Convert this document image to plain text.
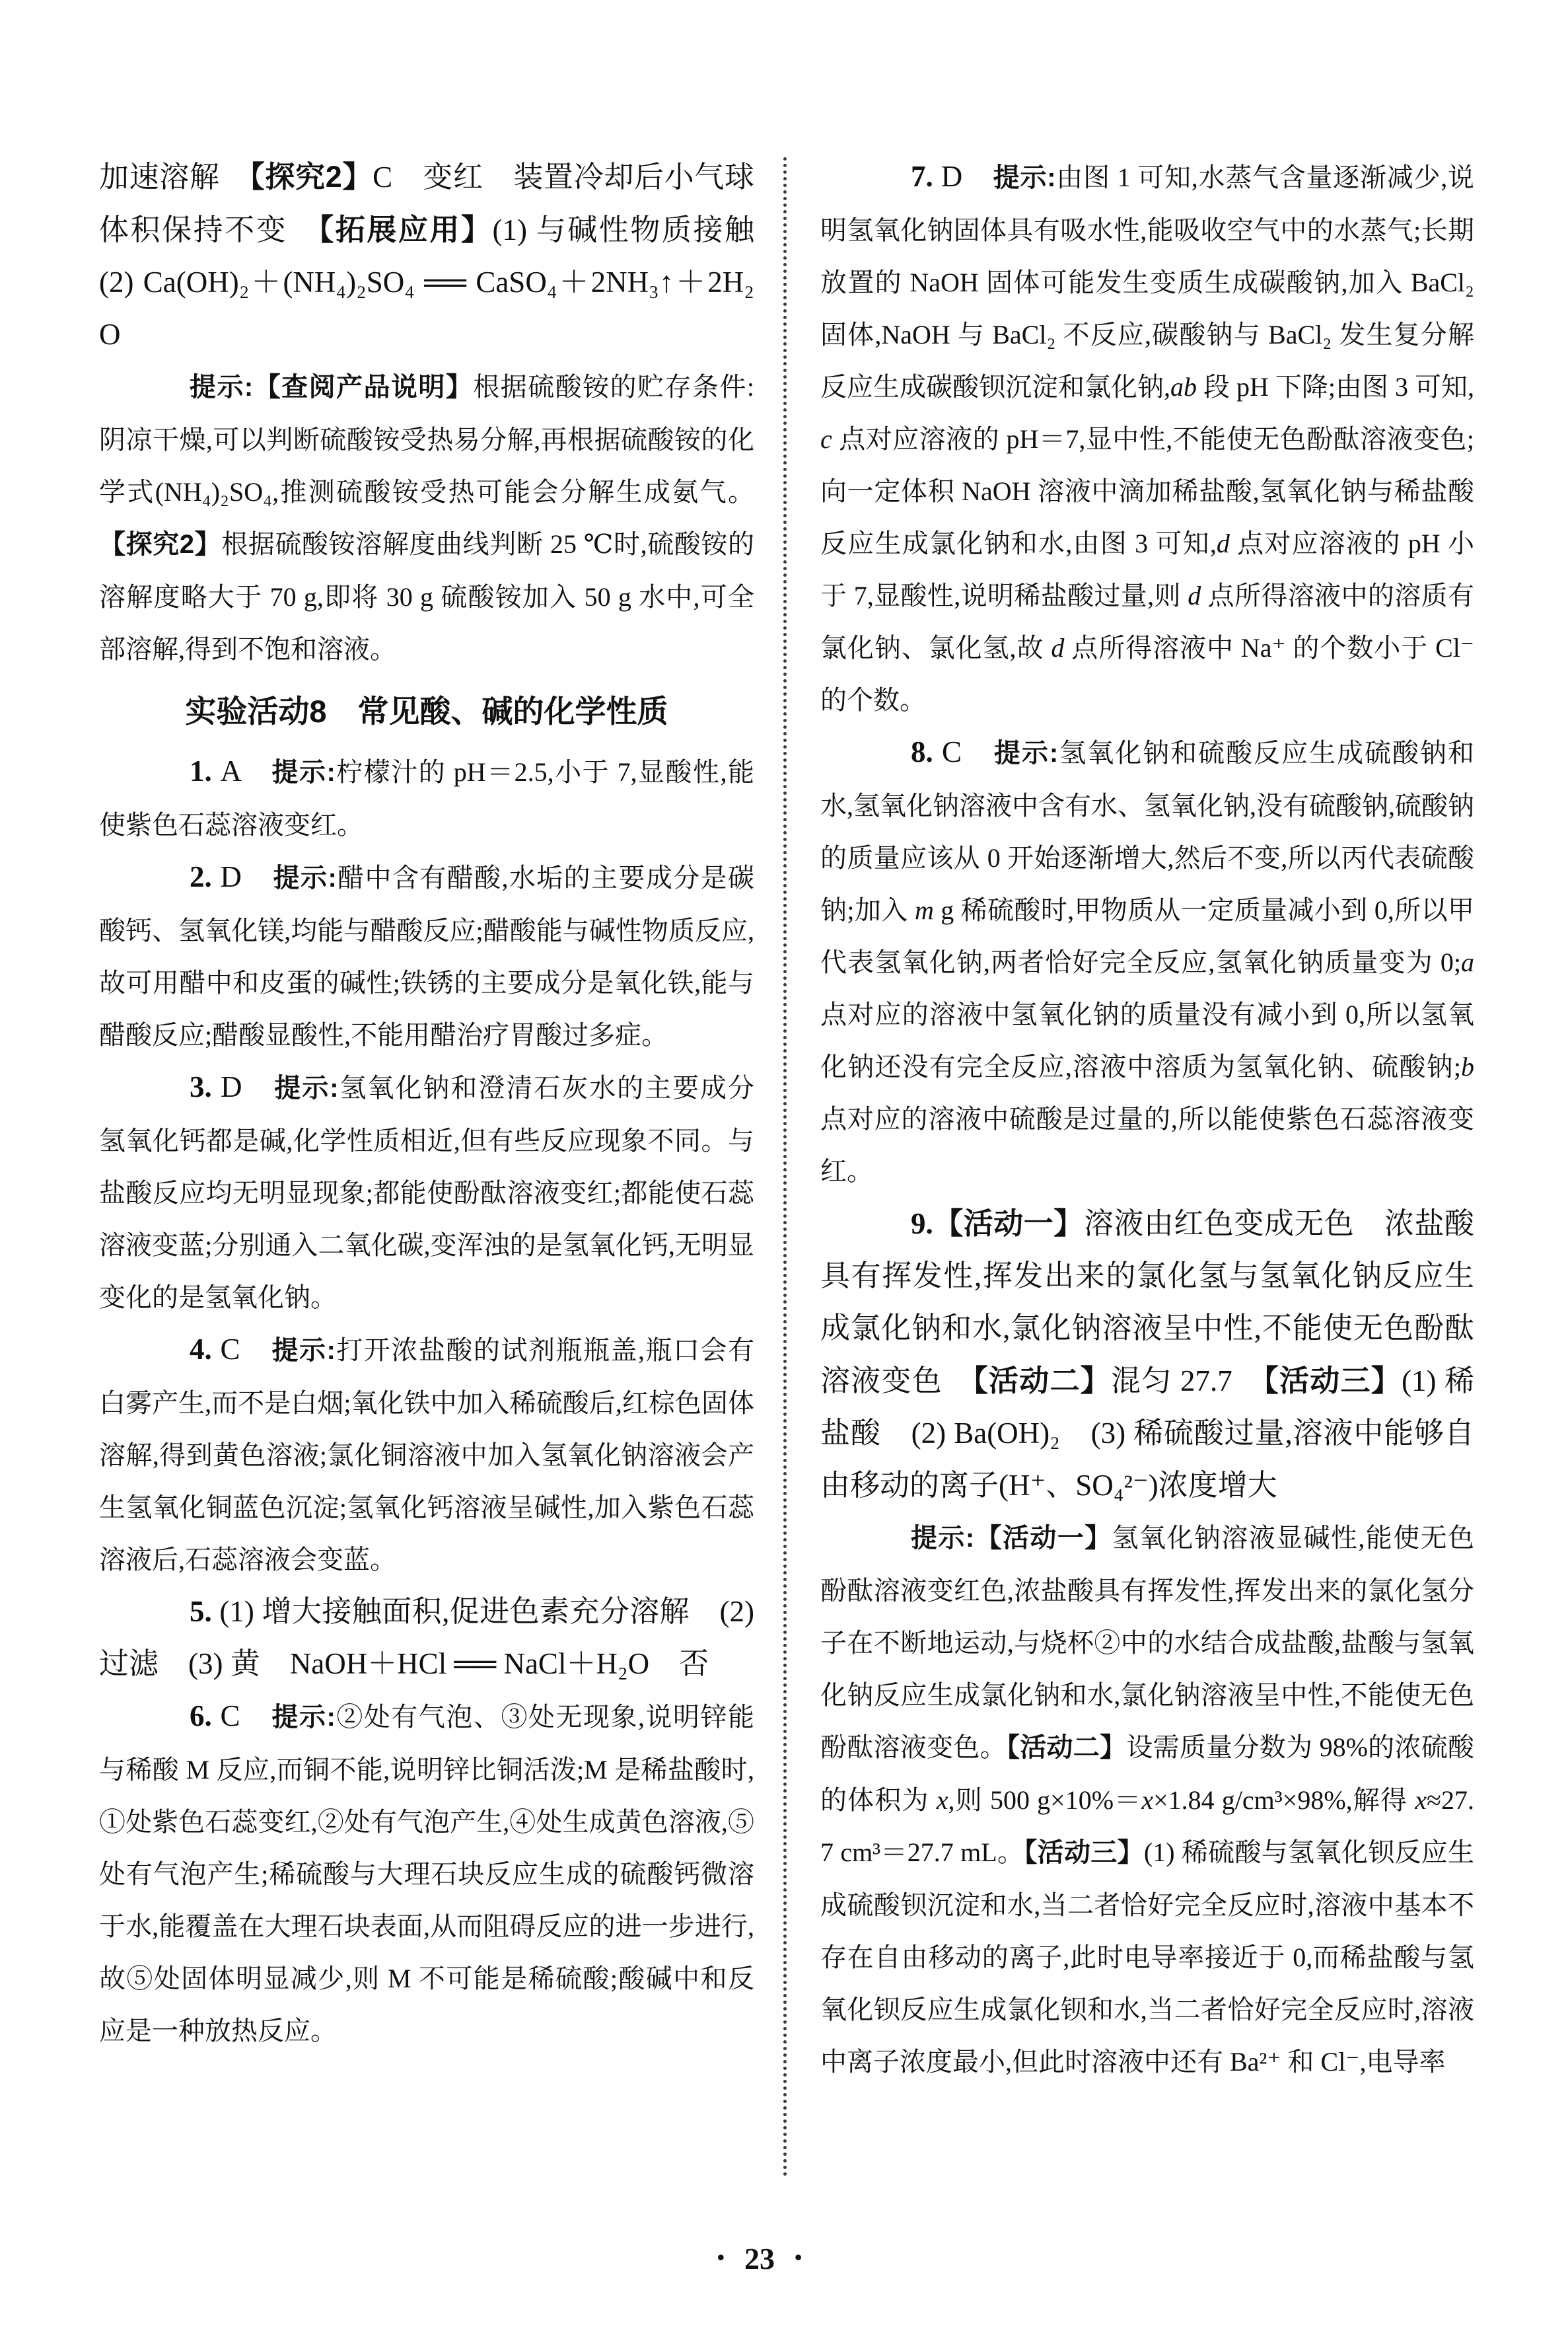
加速溶解　【探究2】C　变红　装置冷却后小气球体积保持不变　【拓展应用】(1) 与碱性物质接触　(2) Ca(OH)₂＋(NH₄)₂SO₄ ══ CaSO₄＋2NH₃↑＋2H₂O

提示:【查阅产品说明】根据硫酸铵的贮存条件:阴凉干燥,可以判断硫酸铵受热易分解,再根据硫酸铵的化学式(NH₄)₂SO₄,推测硫酸铵受热可能会分解生成氨气。【探究2】根据硫酸铵溶解度曲线判断 25 ℃时,硫酸铵的溶解度略大于 70 g,即将 30 g 硫酸铵加入 50 g 水中,可全部溶解,得到不饱和溶液。

实验活动8　常见酸、碱的化学性质

1. A　提示:柠檬汁的 pH＝2.5,小于 7,显酸性,能使紫色石蕊溶液变红。

2. D　提示:醋中含有醋酸,水垢的主要成分是碳酸钙、氢氧化镁,均能与醋酸反应;醋酸能与碱性物质反应,故可用醋中和皮蛋的碱性;铁锈的主要成分是氧化铁,能与醋酸反应;醋酸显酸性,不能用醋治疗胃酸过多症。

3. D　提示:氢氧化钠和澄清石灰水的主要成分氢氧化钙都是碱,化学性质相近,但有些反应现象不同。与盐酸反应均无明显现象;都能使酚酞溶液变红;都能使石蕊溶液变蓝;分别通入二氧化碳,变浑浊的是氢氧化钙,无明显变化的是氢氧化钠。

4. C　提示:打开浓盐酸的试剂瓶瓶盖,瓶口会有白雾产生,而不是白烟;氧化铁中加入稀硫酸后,红棕色固体溶解,得到黄色溶液;氯化铜溶液中加入氢氧化钠溶液会产生氢氧化铜蓝色沉淀;氢氧化钙溶液呈碱性,加入紫色石蕊溶液后,石蕊溶液会变蓝。

5. (1) 增大接触面积,促进色素充分溶解　(2) 过滤　(3) 黄　NaOH＋HCl ══ NaCl＋H₂O　否

6. C　提示:②处有气泡、③处无现象,说明锌能与稀酸 M 反应,而铜不能,说明锌比铜活泼;M 是稀盐酸时,①处紫色石蕊变红,②处有气泡产生,④处生成黄色溶液,⑤处有气泡产生;稀硫酸与大理石块反应生成的硫酸钙微溶于水,能覆盖在大理石块表面,从而阻碍反应的进一步进行,故⑤处固体明显减少,则 M 不可能是稀硫酸;酸碱中和反应是一种放热反应。

7. D　提示:由图 1 可知,水蒸气含量逐渐减少,说明氢氧化钠固体具有吸水性,能吸收空气中的水蒸气;长期放置的 NaOH 固体可能发生变质生成碳酸钠,加入 BaCl₂ 固体,NaOH 与 BaCl₂ 不反应,碳酸钠与 BaCl₂ 发生复分解反应生成碳酸钡沉淀和氯化钠,ab 段 pH 下降;由图 3 可知,c 点对应溶液的 pH＝7,显中性,不能使无色酚酞溶液变色;向一定体积 NaOH 溶液中滴加稀盐酸,氢氧化钠与稀盐酸反应生成氯化钠和水,由图 3 可知,d 点对应溶液的 pH 小于 7,显酸性,说明稀盐酸过量,则 d 点所得溶液中的溶质有氯化钠、氯化氢,故 d 点所得溶液中 Na⁺ 的个数小于 Cl⁻ 的个数。

8. C　提示:氢氧化钠和硫酸反应生成硫酸钠和水,氢氧化钠溶液中含有水、氢氧化钠,没有硫酸钠,硫酸钠的质量应该从 0 开始逐渐增大,然后不变,所以丙代表硫酸钠;加入 m g 稀硫酸时,甲物质从一定质量减小到 0,所以甲代表氢氧化钠,两者恰好完全反应,氢氧化钠质量变为 0;a 点对应的溶液中氢氧化钠的质量没有减小到 0,所以氢氧化钠还没有完全反应,溶液中溶质为氢氧化钠、硫酸钠;b 点对应的溶液中硫酸是过量的,所以能使紫色石蕊溶液变红。

9.【活动一】溶液由红色变成无色　浓盐酸具有挥发性,挥发出来的氯化氢与氢氧化钠反应生成氯化钠和水,氯化钠溶液呈中性,不能使无色酚酞溶液变色　【活动二】混匀 27.7　【活动三】(1) 稀盐酸　(2) Ba(OH)₂　(3) 稀硫酸过量,溶液中能够自由移动的离子(H⁺、SO₄²⁻)浓度增大

提示:【活动一】氢氧化钠溶液显碱性,能使无色酚酞溶液变红色,浓盐酸具有挥发性,挥发出来的氯化氢分子在不断地运动,与烧杯②中的水结合成盐酸,盐酸与氢氧化钠反应生成氯化钠和水,氯化钠溶液呈中性,不能使无色酚酞溶液变色。【活动二】设需质量分数为 98%的浓硫酸的体积为 x,则 500 g×10%＝x×1.84 g/cm³×98%,解得 x≈27.7 cm³＝27.7 mL。【活动三】(1) 稀硫酸与氢氧化钡反应生成硫酸钡沉淀和水,当二者恰好完全反应时,溶液中基本不存在自由移动的离子,此时电导率接近于 0,而稀盐酸与氢氧化钡反应生成氯化钡和水,当二者恰好完全反应时,溶液中离子浓度最小,但此时溶液中还有 Ba²⁺ 和 Cl⁻,电导率

• 23 •
